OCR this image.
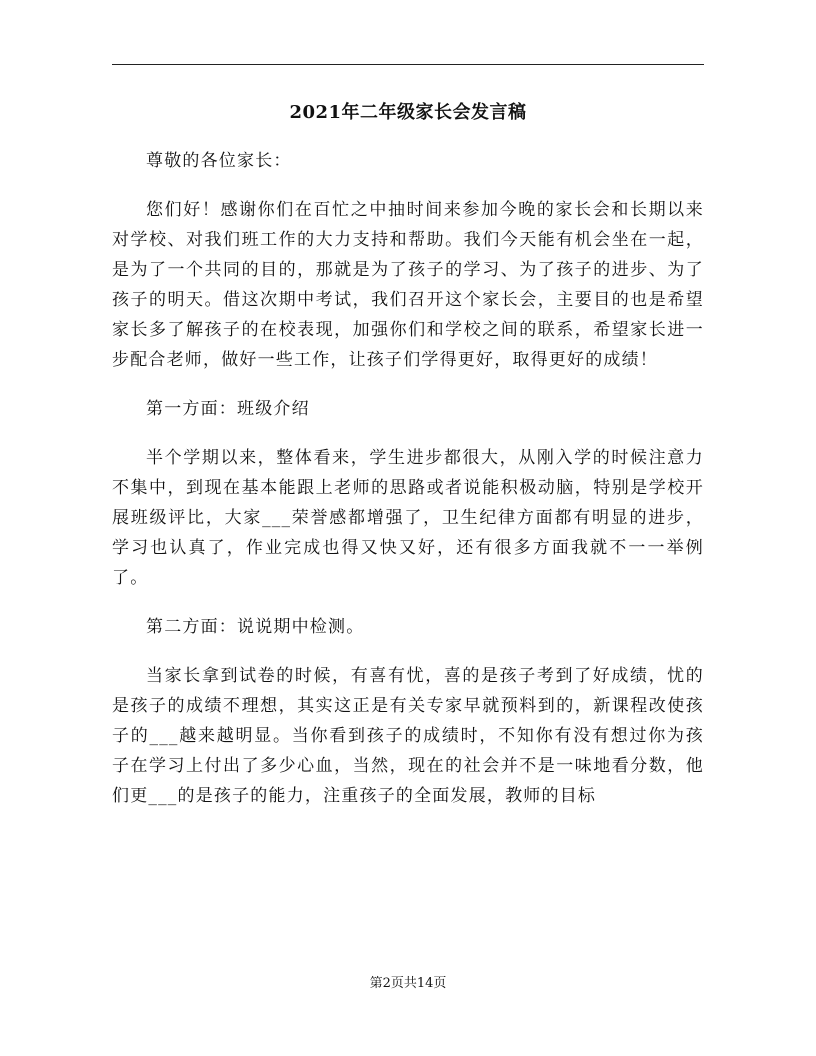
2021年二年级家长会发言稿

尊敬的各位家长：

您们好！感谢你们在百忙之中抽时间来参加今晚的家长会和长期以来对学校、对我们班工作的大力支持和帮助。我们今天能有机会坐在一起，是为了一个共同的目的，那就是为了孩子的学习、为了孩子的进步、为了孩子的明天。借这次期中考试，我们召开这个家长会，主要目的也是希望家长多了解孩子的在校表现，加强你们和学校之间的联系，希望家长进一步配合老师，做好一些工作，让孩子们学得更好，取得更好的成绩！

第一方面：班级介绍

半个学期以来，整体看来，学生进步都很大，从刚入学的时候注意力不集中，到现在基本能跟上老师的思路或者说能积极动脑，特别是学校开展班级评比，大家___荣誉感都增强了，卫生纪律方面都有明显的进步，学习也认真了，作业完成也得又快又好，还有很多方面我就不一一举例了。

第二方面：说说期中检测。

当家长拿到试卷的时候，有喜有忧，喜的是孩子考到了好成绩，忧的是孩子的成绩不理想，其实这正是有关专家早就预料到的，新课程改使孩子的___越来越明显。当你看到孩子的成绩时，不知你有没有想过你为孩子在学习上付出了多少心血，当然，现在的社会并不是一味地看分数，他们更___的是孩子的能力，注重孩子的全面发展，教师的目标

第2页共14页
